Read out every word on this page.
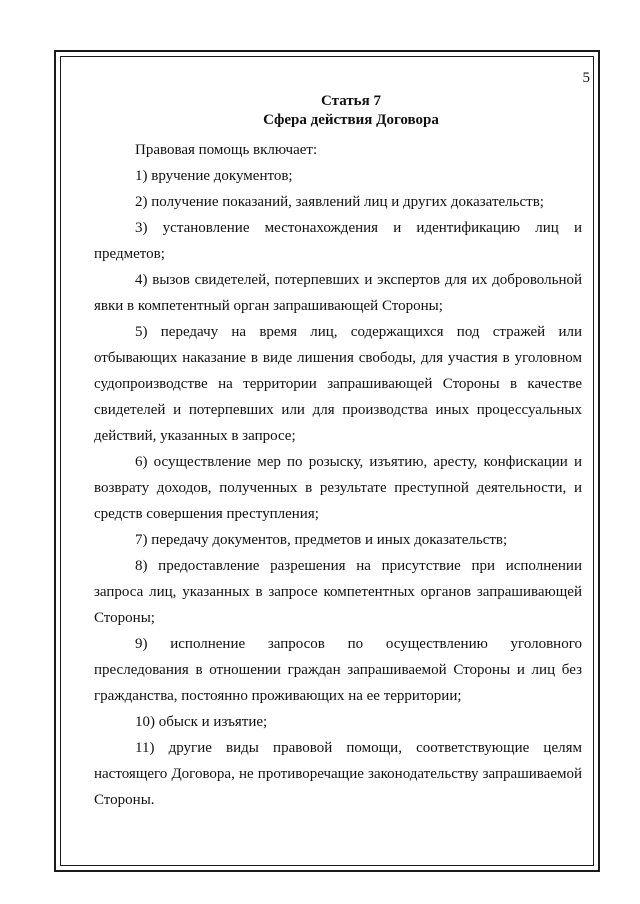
5
Статья 7
Сфера действия Договора

Правовая помощь включает:

1) вручение документов;

2) получение показаний, заявлений лиц и других доказательств;

3) установление местонахождения и идентификацию лиц и предметов;

4) вызов свидетелей, потерпевших и экспертов для их добровольной явки в компетентный орган запрашивающей Стороны;

5) передачу на время лиц, содержащихся под стражей или отбывающих наказание в виде лишения свободы, для участия в уголовном судопроизводстве на территории запрашивающей Стороны в качестве свидетелей и потерпевших или для производства иных процессуальных действий, указанных в запросе;

6) осуществление мер по розыску, изъятию, аресту, конфискации и возврату доходов, полученных в результате преступной деятельности, и средств совершения преступления;

7) передачу документов, предметов и иных доказательств;

8) предоставление разрешения на присутствие при исполнении запроса лиц, указанных в запросе компетентных органов запрашивающей Стороны;

9) исполнение запросов по осуществлению уголовного преследования в отношении граждан запрашиваемой Стороны и лиц без гражданства, постоянно проживающих на ее территории;

10) обыск и изъятие;

11) другие виды правовой помощи, соответствующие целям настоящего Договора, не противоречащие законодательству запрашиваемой Стороны.
